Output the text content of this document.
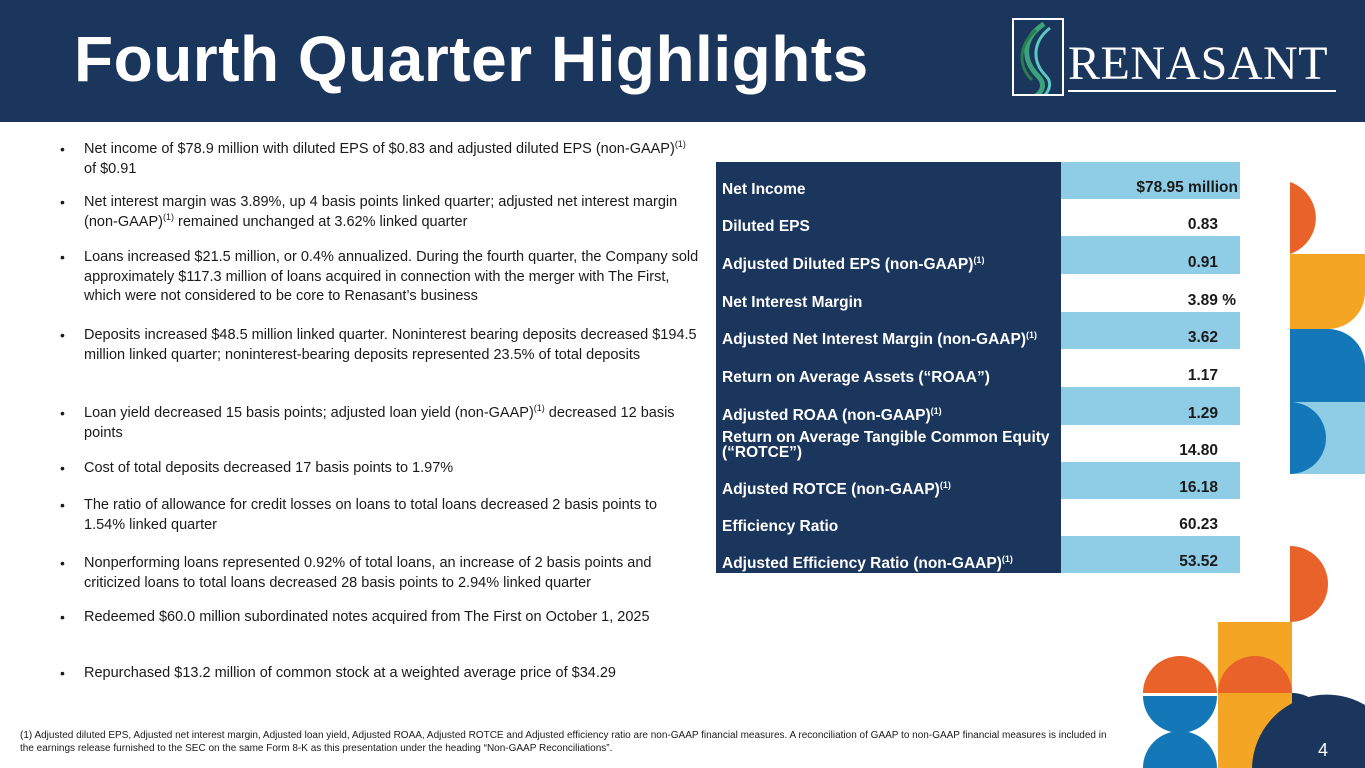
Fourth Quarter Highlights	RENASANT
• Net income of $78.9 million with diluted EPS of $0.83 and adjusted diluted EPS (non-GAAP)$^{(1)}$ of $0.91
• Net interest margin was 3.89%, up 4 basis points linked quarter; adjusted net interest margin (non-GAAP)$^{(1)}$ remained unchanged at 3.62% linked quarter
• Loans increased $21.5 million, or 0.4% annualized. During the fourth quarter, the Company sold approximately $117.3 million of loans acquired in connection with the merger with The First, which were not considered to be core to Renasant’s business
• Deposits increased $48.5 million linked quarter. Noninterest bearing deposits decreased $194.5 million linked quarter; noninterest-bearing deposits represented 23.5% of total deposits
• Loan yield decreased 15 basis points; adjusted loan yield (non-GAAP)$^{(1)}$ decreased 12 basis points
• Cost of total deposits decreased 17 basis points to 1.97%
• The ratio of allowance for credit losses on loans to total loans decreased 2 basis points to 1.54% linked quarter
• Nonperforming loans represented 0.92% of total loans, an increase of 2 basis points and criticized loans to total loans decreased 28 basis points to 2.94% linked quarter
• Redeemed $60.0 million subordinated notes acquired from The First on October 1, 2025
• Repurchased $13.2 million of common stock at a weighted average price of $34.29
Net Income	$78.95 million
Diluted EPS	0.83
Adjusted Diluted EPS (non-GAAP)$^{(1)}$	0.91
Net Interest Margin	3.89 %
Adjusted Net Interest Margin (non-GAAP)$^{(1)}$	3.62
Return on Average Assets (“ROAA”)	1.17
Adjusted ROAA (non-GAAP)$^{(1)}$	1.29
Return on Average Tangible Common Equity (“ROTCE”)	14.80
Adjusted ROTCE (non-GAAP)$^{(1)}$	16.18
Efficiency Ratio	60.23
Adjusted Efficiency Ratio (non-GAAP)$^{(1)}$	53.52
(1) Adjusted diluted EPS, Adjusted net interest margin, Adjusted loan yield, Adjusted ROAA, Adjusted ROTCE and Adjusted efficiency ratio are non-GAAP financial measures. A reconciliation of GAAP to non-GAAP financial measures is included in the earnings release furnished to the SEC on the same Form 8-K as this presentation under the heading “Non-GAAP Reconciliations”.	4
